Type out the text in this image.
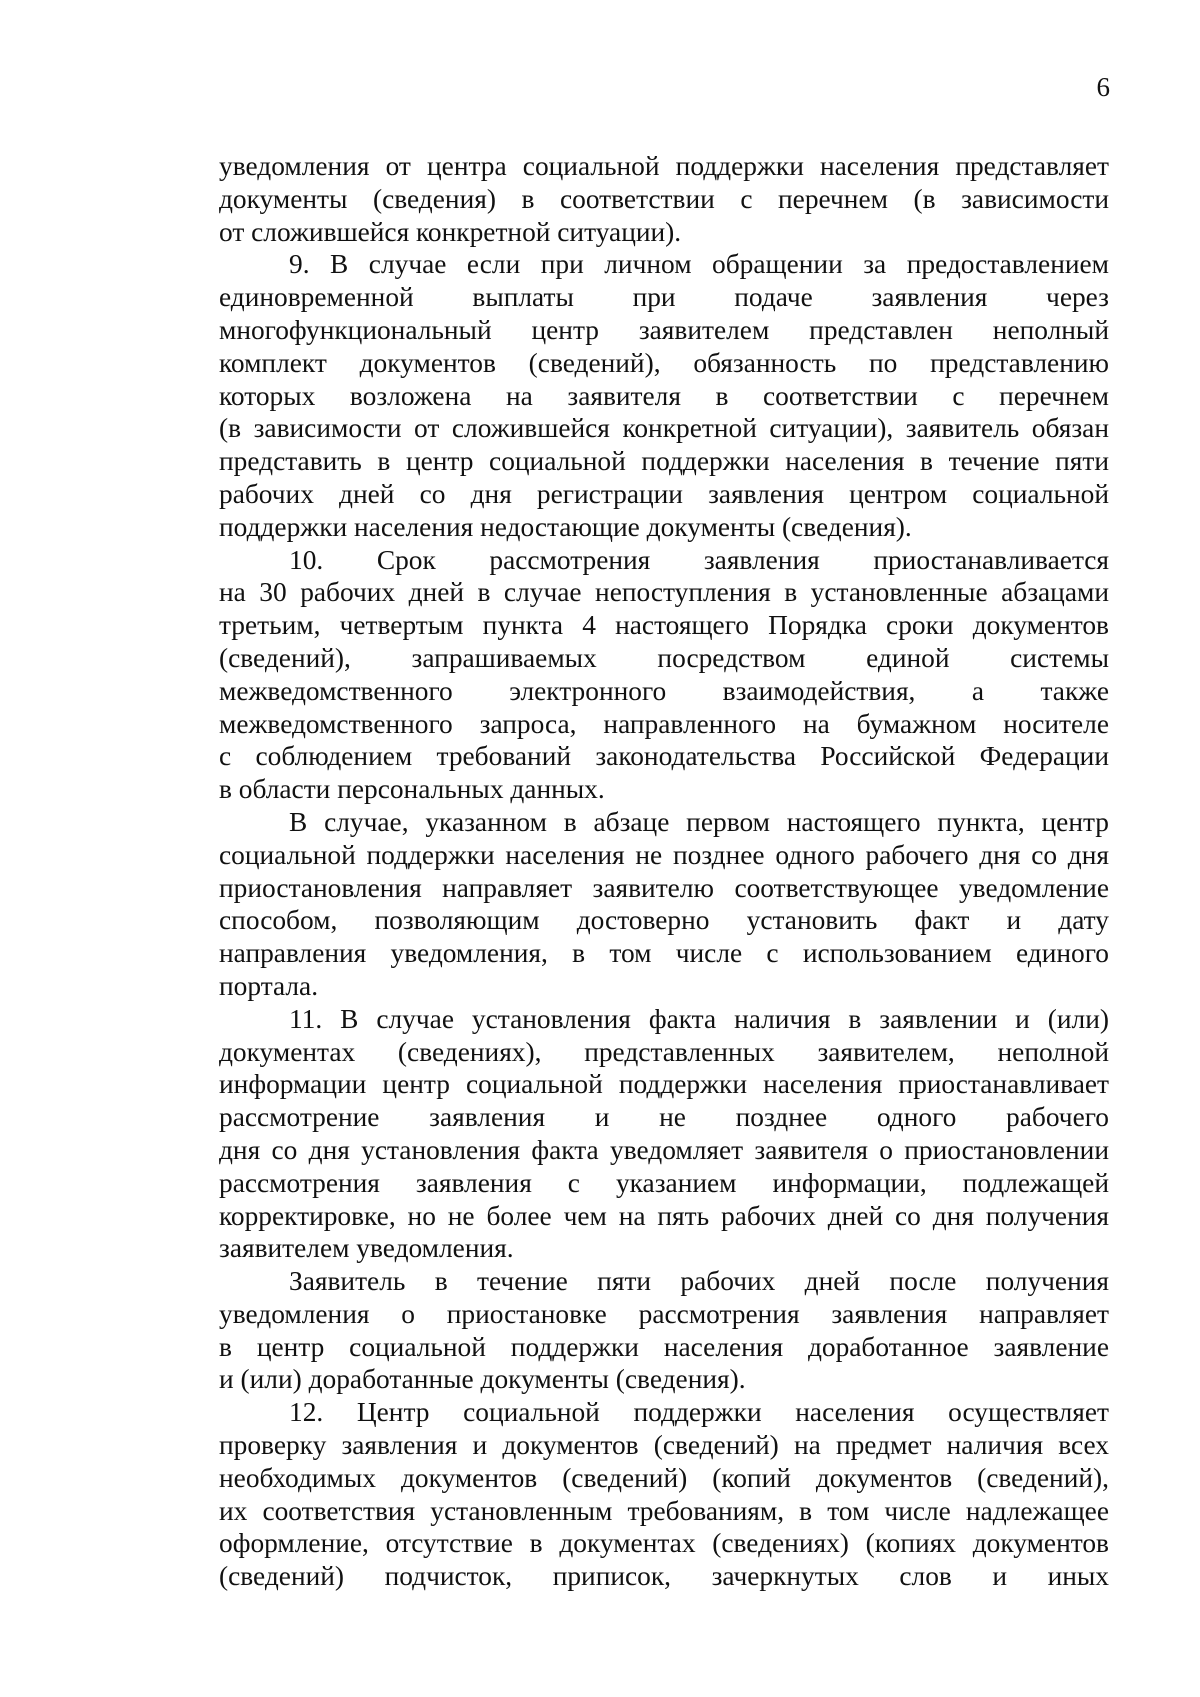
6
уведомления от центра социальной поддержки населения представляет
документы (сведения) в соответствии с перечнем (в зависимости
от сложившейся конкретной ситуации).
9. В случае если при личном обращении за предоставлением
единовременной выплаты при подаче заявления через
многофункциональный центр заявителем представлен неполный
комплект документов (сведений), обязанность по представлению
которых возложена на заявителя в соответствии с перечнем
(в зависимости от сложившейся конкретной ситуации), заявитель обязан
представить в центр социальной поддержки населения в течение пяти
рабочих дней со дня регистрации заявления центром социальной
поддержки населения недостающие документы (сведения).
10. Срок рассмотрения заявления приостанавливается
на 30 рабочих дней в случае непоступления в установленные абзацами
третьим, четвертым пункта 4 настоящего Порядка сроки документов
(сведений), запрашиваемых посредством единой системы
межведомственного электронного взаимодействия, а также
межведомственного запроса, направленного на бумажном носителе
с соблюдением требований законодательства Российской Федерации
в области персональных данных.
В случае, указанном в абзаце первом настоящего пункта, центр
социальной поддержки населения не позднее одного рабочего дня со дня
приостановления направляет заявителю соответствующее уведомление
способом, позволяющим достоверно установить факт и дату
направления уведомления, в том числе с использованием единого
портала.
11. В случае установления факта наличия в заявлении и (или)
документах (сведениях), представленных заявителем, неполной
информации центр социальной поддержки населения приостанавливает
рассмотрение заявления и не позднее одного рабочего
дня со дня установления факта уведомляет заявителя о приостановлении
рассмотрения заявления с указанием информации, подлежащей
корректировке, но не более чем на пять рабочих дней со дня получения
заявителем уведомления.
Заявитель в течение пяти рабочих дней после получения
уведомления о приостановке рассмотрения заявления направляет
в центр социальной поддержки населения доработанное заявление
и (или) доработанные документы (сведения).
12. Центр социальной поддержки населения осуществляет
проверку заявления и документов (сведений) на предмет наличия всех
необходимых документов (сведений) (копий документов (сведений),
их соответствия установленным требованиям, в том числе надлежащее
оформление, отсутствие в документах (сведениях) (копиях документов
(сведений) подчисток, приписок, зачеркнутых слов и иных
